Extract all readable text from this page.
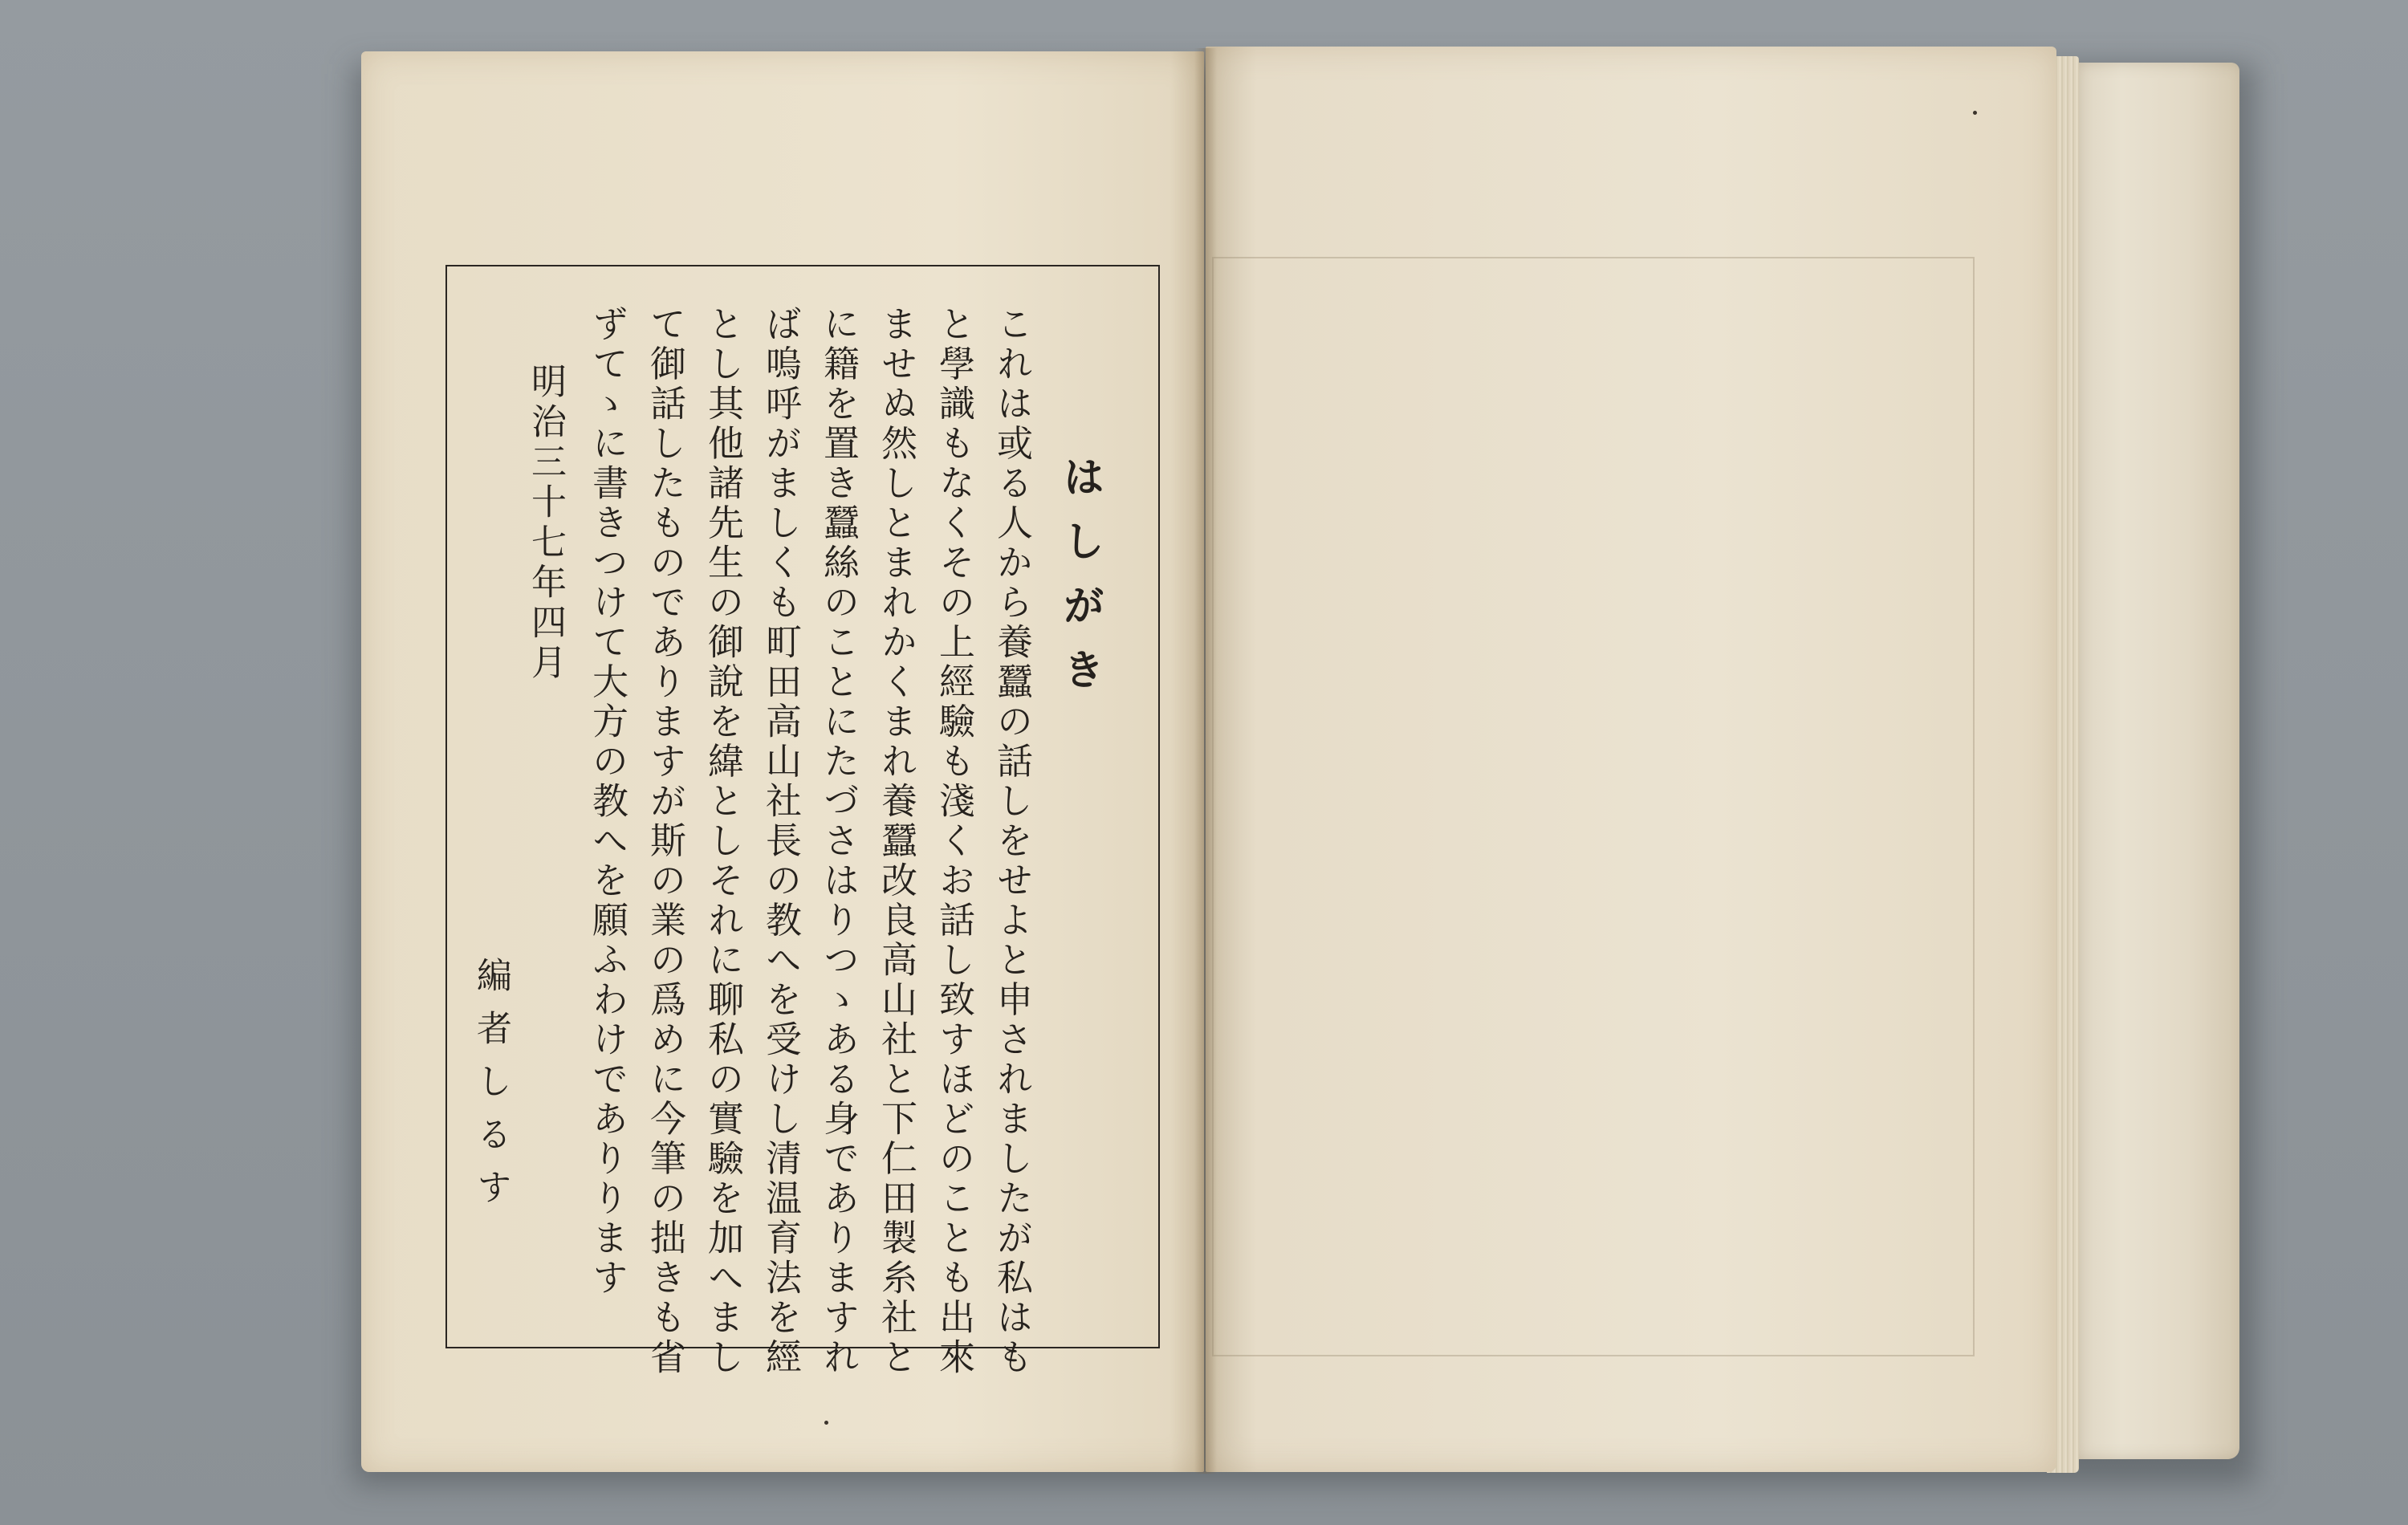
はしがき
これは或る人から養蠶の話しをせよと申されましたが私はも
と學識もなくその上經驗も淺くお話し致すほどのことも出來
ませぬ然しとまれかくまれ養蠶改良高山社と下仁田製糸社と
に籍を置き蠶絲のことにたづさはりつゝある身でありますれ
ば嗚呼がましくも町田高山社長の教へを受けし清温育法を經
とし其他諸先生の御說を緯としそれに聊私の實驗を加へまし
て御話したものでありますが斯の業の爲めに今筆の拙きも省
ずてゝに書きつけて大方の教へを願ふわけでありります
明治三十七年四月
編者しるす
